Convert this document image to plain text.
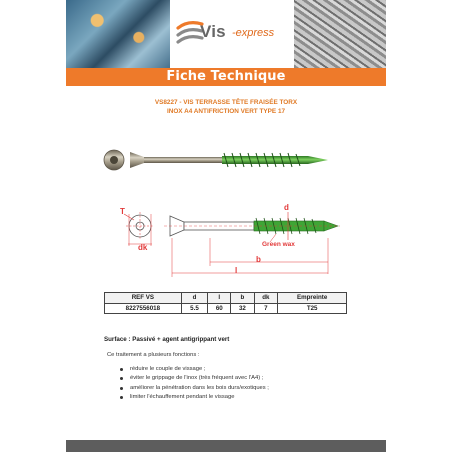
Vis -express
Fiche Technique
VS8227 - VIS TERRASSE TÊTE FRAISÉE TORX
INOX A4 ANTIFRICTION VERT TYPE 17
T
dk
d
Green wax
b
l
REF VS	d	l	b	dk	Empreinte
8227556018	5.5	60	32	7	T25
Surface : Passivé + agent antigrippant vert
Ce traitement a plusieurs fonctions :
réduire le couple de vissage ;
éviter le grippage de l'inox (très fréquent avec l'A4) ;
améliorer la pénétration dans les bois durs/exotiques ;
limiter l'échauffement pendant le vissage
